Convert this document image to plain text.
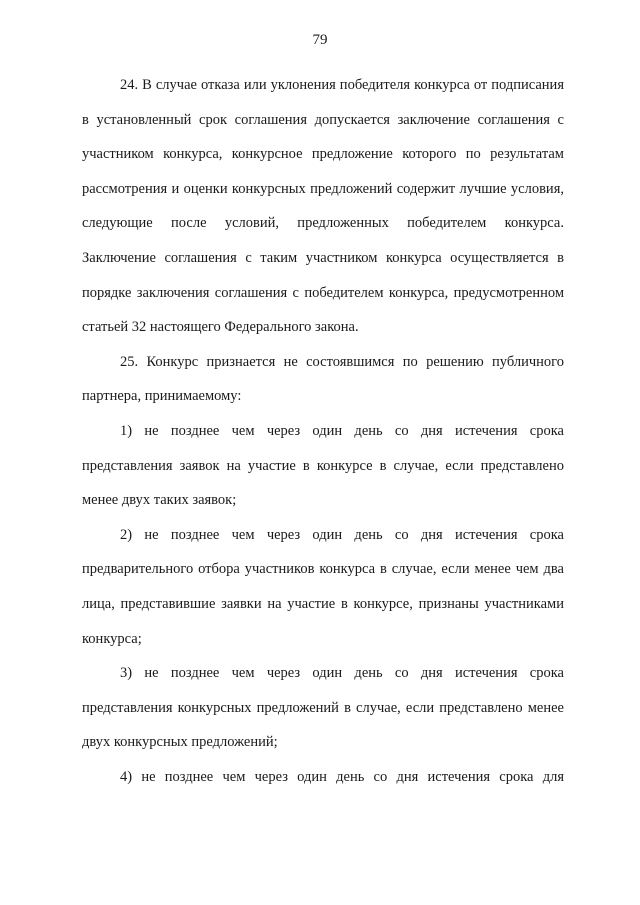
79

24. В случае отказа или уклонения победителя конкурса от подписания в установленный срок соглашения допускается заключение соглашения с участником конкурса, конкурсное предложение которого по результатам рассмотрения и оценки конкурсных предложений содержит лучшие условия, следующие после условий, предложенных победителем конкурса. Заключение соглашения с таким участником конкурса осуществляется в порядке заключения соглашения с победителем конкурса, предусмотренном статьей 32 настоящего Федерального закона.

25. Конкурс признается не состоявшимся по решению публичного партнера, принимаемому:

1) не позднее чем через один день со дня истечения срока представления заявок на участие в конкурсе в случае, если представлено менее двух таких заявок;

2) не позднее чем через один день со дня истечения срока предварительного отбора участников конкурса в случае, если менее чем два лица, представившие заявки на участие в конкурсе, признаны участниками конкурса;

3) не позднее чем через один день со дня истечения срока представления конкурсных предложений в случае, если представлено менее двух конкурсных предложений;

4) не позднее чем через один день со дня истечения срока для
